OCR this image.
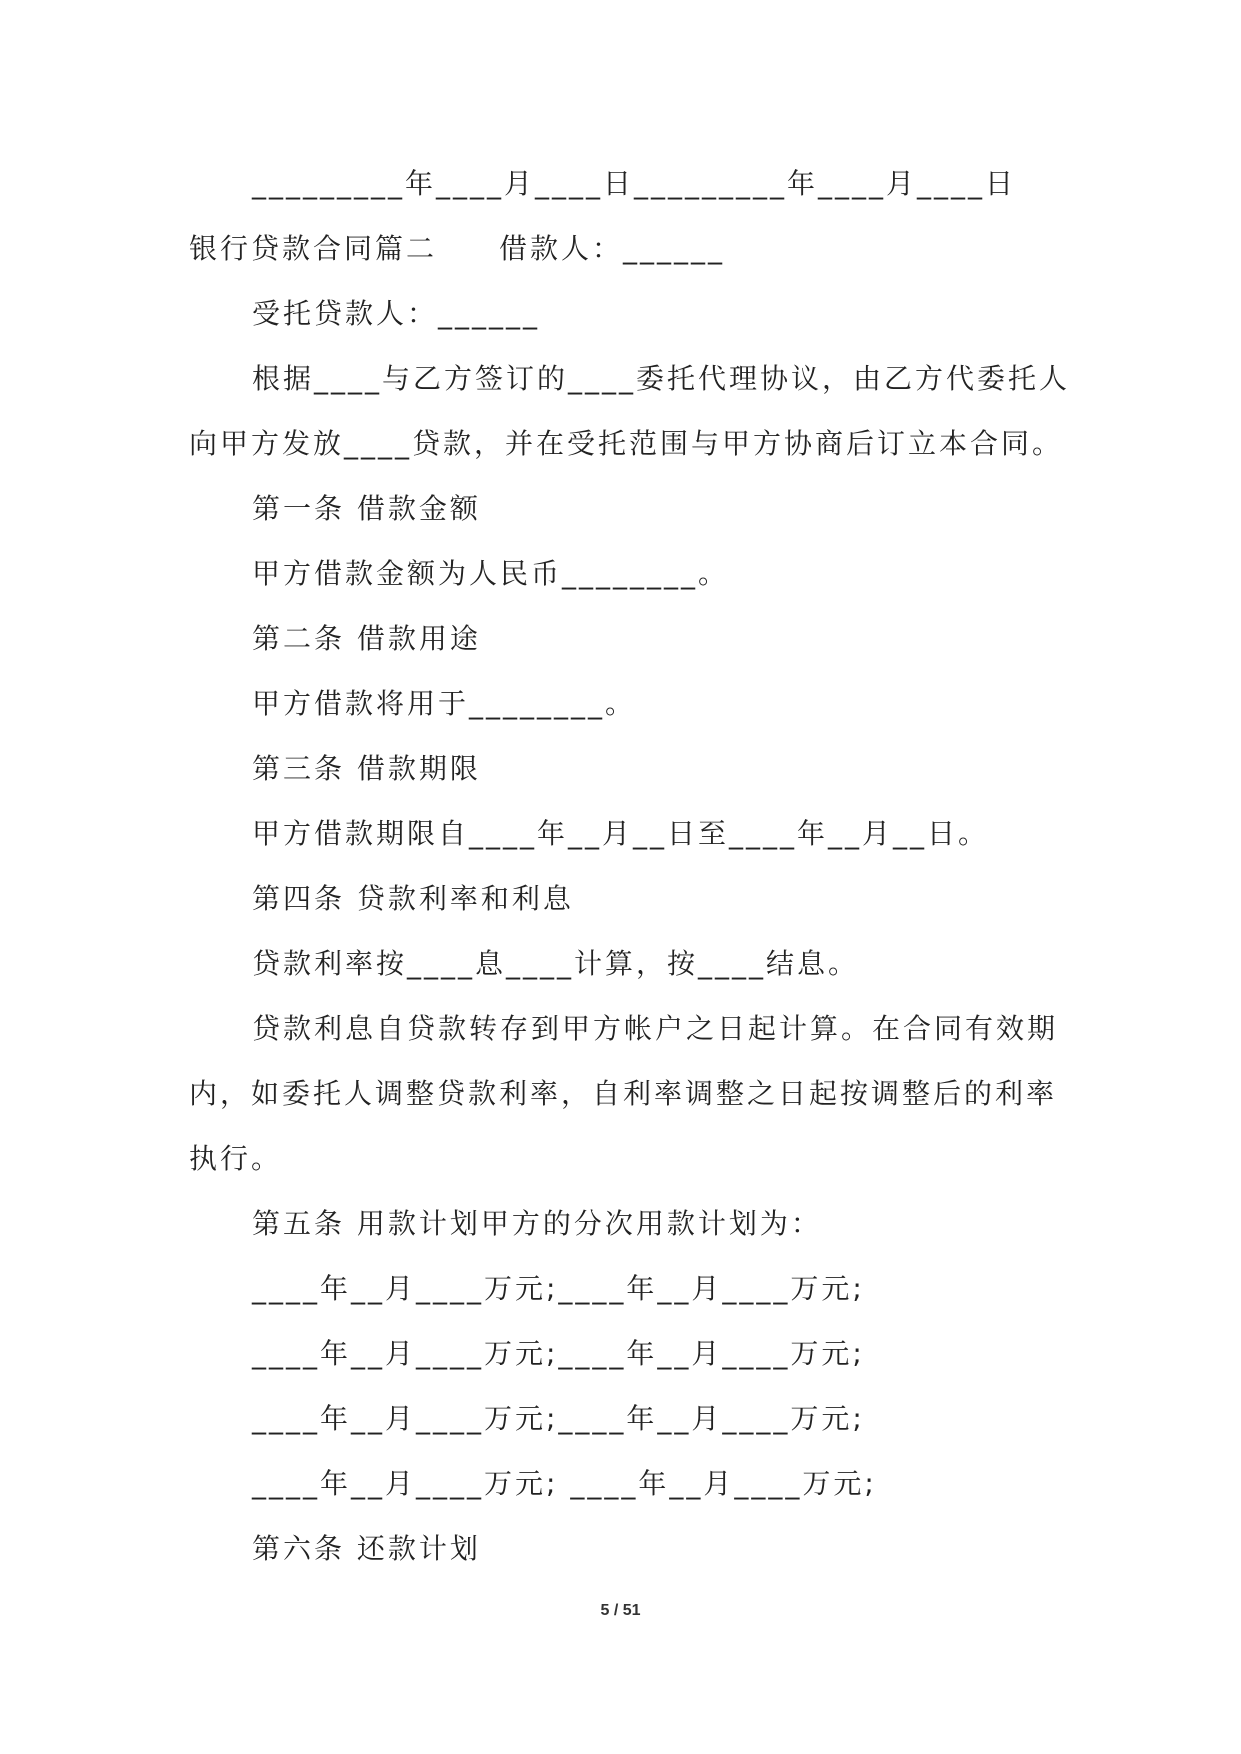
_________年____月____日_________年____月____日
银行贷款合同篇二　　借款人：______
受托贷款人：______
根据____与乙方签订的____委托代理协议，由乙方代委托人
向甲方发放____贷款，并在受托范围与甲方协商后订立本合同。
第一条 借款金额
甲方借款金额为人民币________。
第二条 借款用途
甲方借款将用于________。
第三条 借款期限
甲方借款期限自____年__月__日至____年__月__日。
第四条 贷款利率和利息
贷款利率按____息____计算，按____结息。
贷款利息自贷款转存到甲方帐户之日起计算。在合同有效期
内，如委托人调整贷款利率，自利率调整之日起按调整后的利率
执行。
第五条 用款计划甲方的分次用款计划为：
____年__月____万元;____年__月____万元;
____年__月____万元;____年__月____万元;
____年__月____万元;____年__月____万元;
____年__月____万元; ____年__月____万元;
第六条 还款计划
5 / 51
